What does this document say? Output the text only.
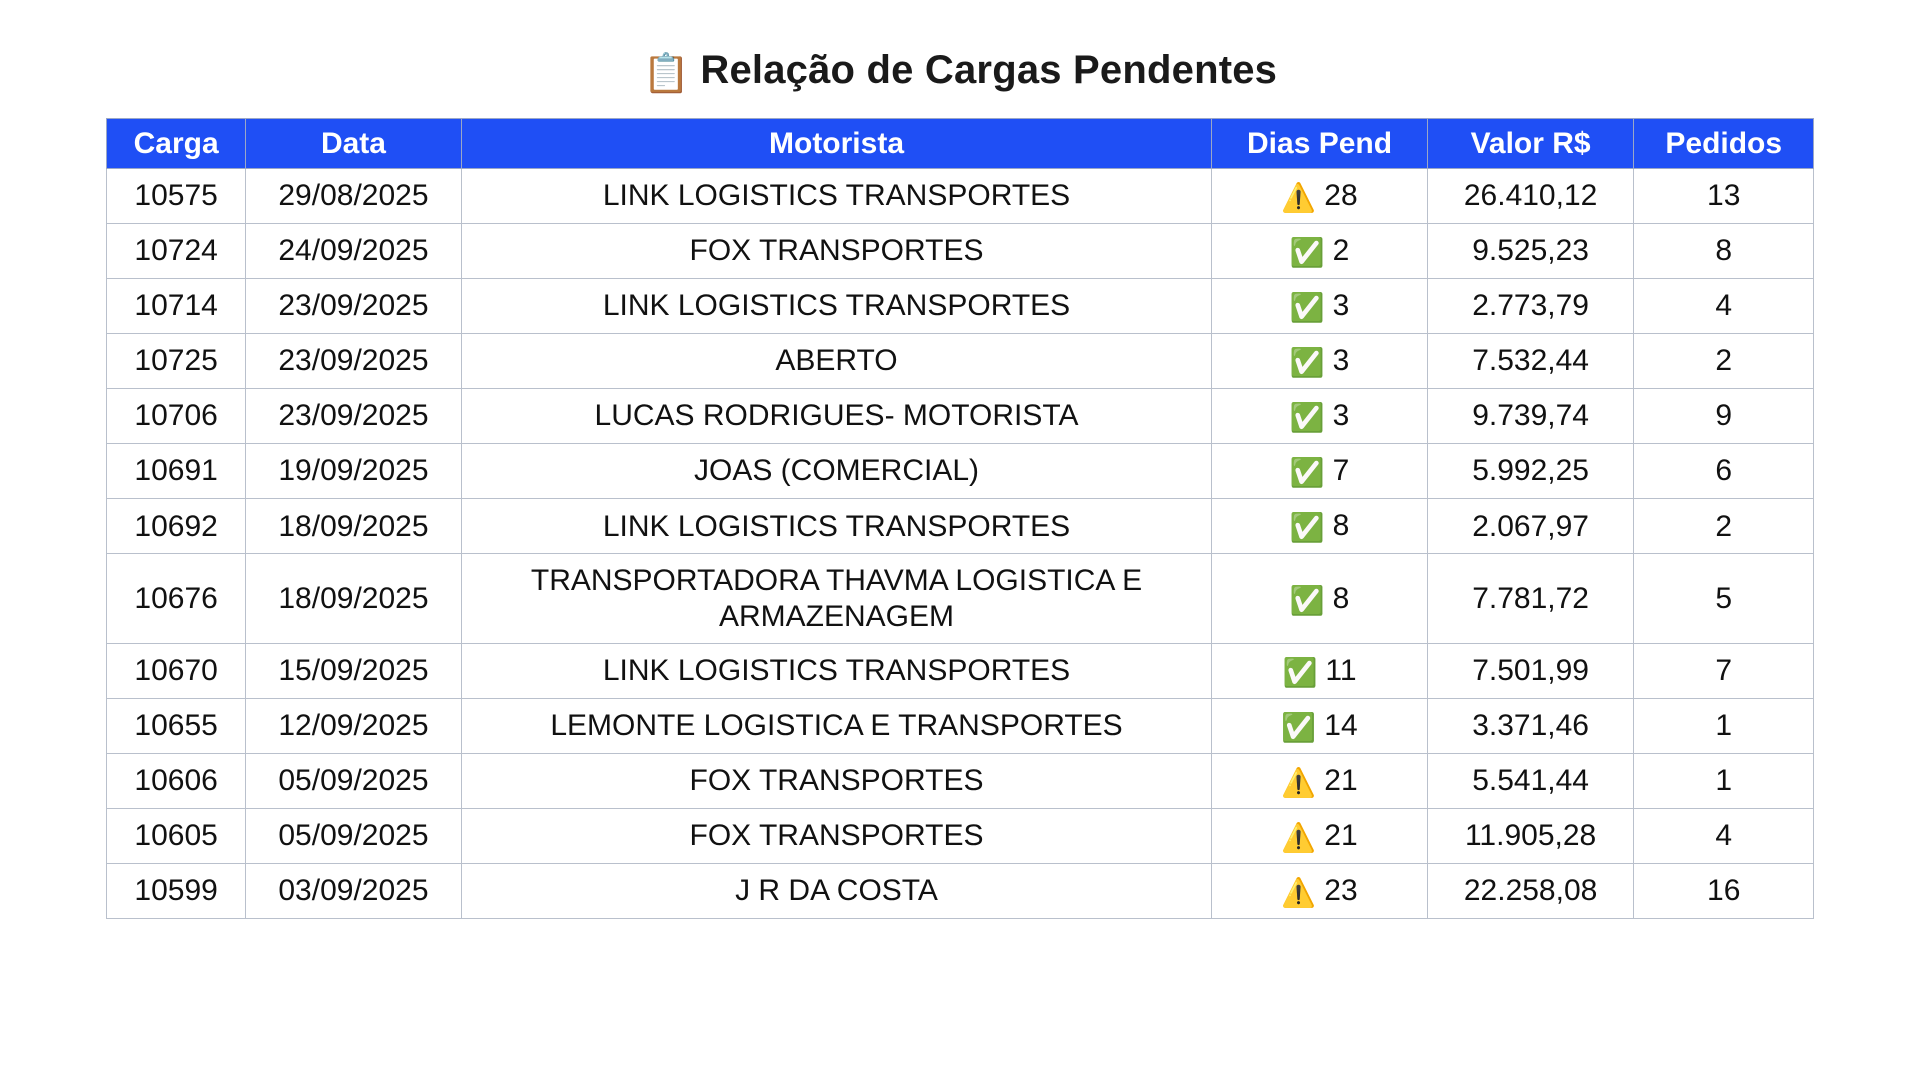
📋 Relação de Cargas Pendentes
Carga	Data	Motorista	Dias Pend	Valor R$	Pedidos
10575	29/08/2025	LINK LOGISTICS TRANSPORTES	⚠️ 28	26.410,12	13
10724	24/09/2025	FOX TRANSPORTES	✅ 2	9.525,23	8
10714	23/09/2025	LINK LOGISTICS TRANSPORTES	✅ 3	2.773,79	4
10725	23/09/2025	ABERTO	✅ 3	7.532,44	2
10706	23/09/2025	LUCAS RODRIGUES- MOTORISTA	✅ 3	9.739,74	9
10691	19/09/2025	JOAS (COMERCIAL)	✅ 7	5.992,25	6
10692	18/09/2025	LINK LOGISTICS TRANSPORTES	✅ 8	2.067,97	2
10676	18/09/2025	TRANSPORTADORA THAVMA LOGISTICA E ARMAZENAGEM	✅ 8	7.781,72	5
10670	15/09/2025	LINK LOGISTICS TRANSPORTES	✅ 11	7.501,99	7
10655	12/09/2025	LEMONTE LOGISTICA E TRANSPORTES	✅ 14	3.371,46	1
10606	05/09/2025	FOX TRANSPORTES	⚠️ 21	5.541,44	1
10605	05/09/2025	FOX TRANSPORTES	⚠️ 21	11.905,28	4
10599	03/09/2025	J R DA COSTA	⚠️ 23	22.258,08	16
